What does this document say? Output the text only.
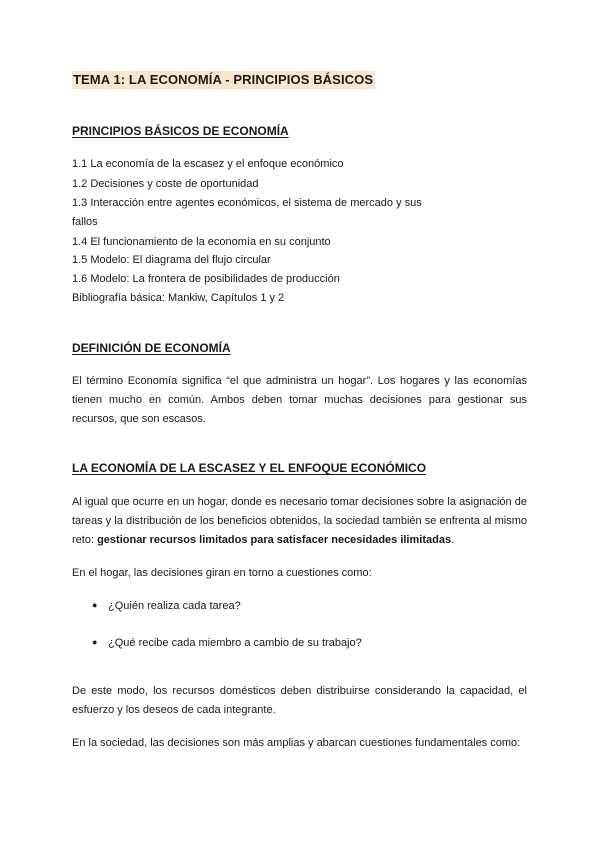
TEMA 1: LA ECONOMÍA - PRINCIPIOS BÁSICOS
PRINCIPIOS BÁSICOS DE ECONOMÍA
1.1 La economía de la escasez y el enfoque económico
1.2 Decisiones y coste de oportunidad
1.3 Interacción entre agentes económicos, el sistema de mercado y sus
fallos
1.4 El funcionamiento de la economía en su conjunto
1.5 Modelo: El diagrama del flujo circular
1.6 Modelo: La frontera de posibilidades de producción
Bibliografía básica: Mankiw, Capítulos 1 y 2
DEFINICIÓN DE ECONOMÍA

El término Economía significa “el que administra un hogar”. Los hogares y las economías tienen mucho en común. Ambos deben tomar muchas decisiones para gestionar sus recursos, que son escasos.

LA ECONOMÍA DE LA ESCASEZ Y EL ENFOQUE ECONÓMICO

Al igual que ocurre en un hogar, donde es necesario tomar decisiones sobre la asignación de tareas y la distribución de los beneficios obtenidos, la sociedad también se enfrenta al mismo reto: gestionar recursos limitados para satisfacer necesidades ilimitadas.

En el hogar, las decisiones giran en torno a cuestiones como:

● ¿Quién realiza cada tarea?
● ¿Qué recibe cada miembro a cambio de su trabajo?

De este modo, los recursos domésticos deben distribuirse considerando la capacidad, el esfuerzo y los deseos de cada integrante.

En la sociedad, las decisiones son más amplias y abarcan cuestiones fundamentales como:
